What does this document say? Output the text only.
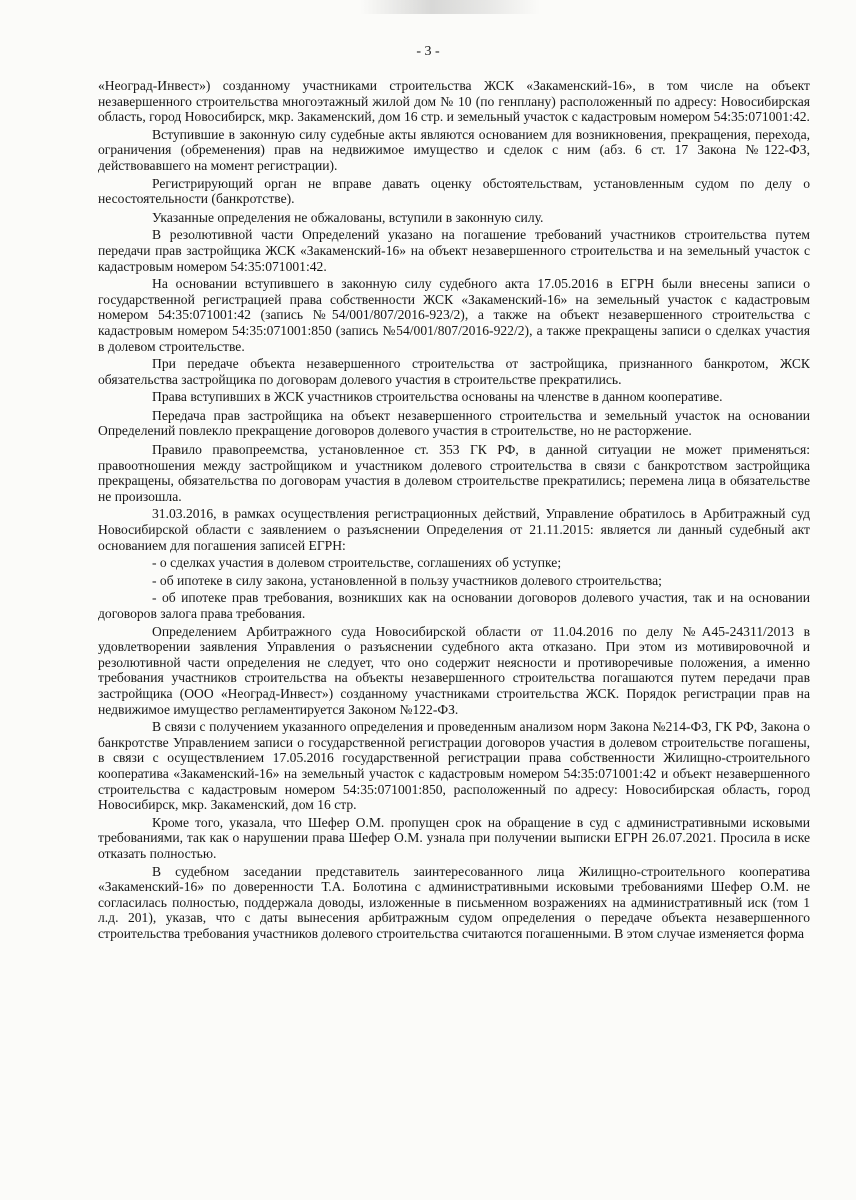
- 3 -

«Неоград-Инвест») созданному участниками строительства ЖСК «Закаменский-16», в том числе на объект незавершенного строительства многоэтажный жилой дом № 10 (по генплану) расположенный по адресу: Новосибирская область, город Новосибирск, мкр. Закаменский, дом 16 стр. и земельный участок с кадастровым номером 54:35:071001:42.

Вступившие в законную силу судебные акты являются основанием для возникновения, прекращения, перехода, ограничения (обременения) прав на недвижимое имущество и сделок с ним (абз. 6 ст. 17 Закона №122-ФЗ, действовавшего на момент регистрации).

Регистрирующий орган не вправе давать оценку обстоятельствам, установленным судом по делу о несостоятельности (банкротстве).

Указанные определения не обжалованы, вступили в законную силу.

В резолютивной части Определений указано на погашение требований участников строительства путем передачи прав застройщика ЖСК «Закаменский-16» на объект незавершенного строительства и на земельный участок с кадастровым номером 54:35:071001:42.

На основании вступившего в законную силу судебного акта 17.05.2016 в ЕГРН были внесены записи о государственной регистрацией права собственности ЖСК «Закаменский-16» на земельный участок с кадастровым номером 54:35:071001:42 (запись №54/001/807/2016-923/2), а также на объект незавершенного строительства с кадастровым номером 54:35:071001:850 (запись №54/001/807/2016-922/2), а также прекращены записи о сделках участия в долевом строительстве.

При передаче объекта незавершенного строительства от застройщика, признанного банкротом, ЖСК обязательства застройщика по договорам долевого участия в строительстве прекратились.

Права вступивших в ЖСК участников строительства основаны на членстве в данном кооперативе.

Передача прав застройщика на объект незавершенного строительства и земельный участок на основании Определений повлекло прекращение договоров долевого участия в строительстве, но не расторжение.

Правило правопреемства, установленное ст. 353 ГК РФ, в данной ситуации не может применяться: правоотношения между застройщиком и участником долевого строительства в связи с банкротством застройщика прекращены, обязательства по договорам участия в долевом строительстве прекратились; перемена лица в обязательстве не произошла.

31.03.2016, в рамках осуществления регистрационных действий, Управление обратилось в Арбитражный суд Новосибирской области с заявлением о разъяснении Определения от 21.11.2015: является ли данный судебный акт основанием для погашения записей ЕГРН:

- о сделках участия в долевом строительстве, соглашениях об уступке;

- об ипотеке в силу закона, установленной в пользу участников долевого строительства;

- об ипотеке прав требования, возникших как на основании договоров долевого участия, так и на основании договоров залога права требования.

Определением Арбитражного суда Новосибирской области от 11.04.2016 по делу №А45-24311/2013 в удовлетворении заявления Управления о разъяснении судебного акта отказано. При этом из мотивировочной и резолютивной части определения не следует, что оно содержит неясности и противоречивые положения, а именно требования участников строительства на объекты незавершенного строительства погашаются путем передачи прав застройщика (ООО «Неоград-Инвест») созданному участниками строительства ЖСК. Порядок регистрации прав на недвижимое имущество регламентируется Законом №122-ФЗ.

В связи с получением указанного определения и проведенным анализом норм Закона №214-ФЗ, ГК РФ, Закона о банкротстве Управлением записи о государственной регистрации договоров участия в долевом строительстве погашены, в связи с осуществлением 17.05.2016 государственной регистрации права собственности Жилищно-строительного кооператива «Закаменский-16» на земельный участок с кадастровым номером 54:35:071001:42 и объект незавершенного строительства с кадастровым номером 54:35:071001:850, расположенный по адресу: Новосибирская область, город Новосибирск, мкр. Закаменский, дом 16 стр.

Кроме того, указала, что Шефер О.М. пропущен срок на обращение в суд с административными исковыми требованиями, так как о нарушении права Шефер О.М. узнала при получении выписки ЕГРН 26.07.2021. Просила в иске отказать полностью.

В судебном заседании представитель заинтересованного лица Жилищно-строительного кооператива «Закаменский-16» по доверенности Т.А. Болотина с административными исковыми требованиями Шефер О.М. не согласилась полностью, поддержала доводы, изложенные в письменном возражениях на административный иск (том 1 л.д. 201), указав, что с даты вынесения арбитражным судом определения о передаче объекта незавершенного строительства требования участников долевого строительства считаются погашенными. В этом случае изменяется форма
